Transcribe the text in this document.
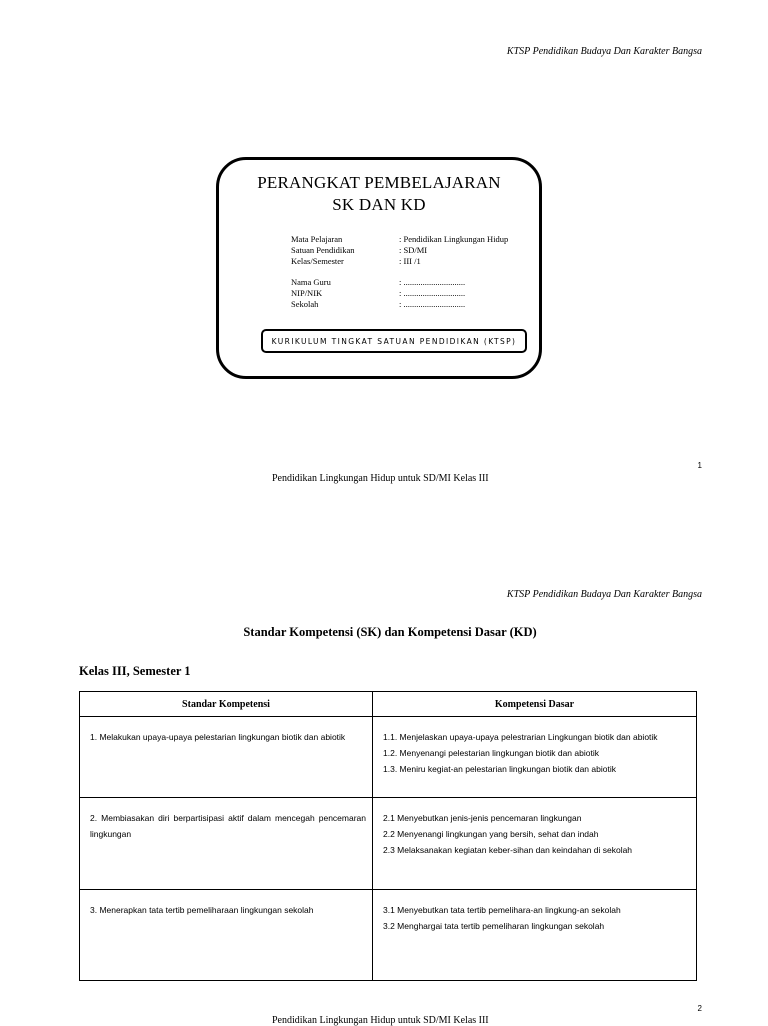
KTSP Pendidikan Budaya Dan Karakter Bangsa
PERANGKAT PEMBELAJARAN
SK DAN KD
Mata Pelajaran	: Pendidikan Lingkungan Hidup
Satuan Pendidikan	: SD/MI
Kelas/Semester	: III /1
Nama Guru	: .............................
NIP/NIK	: .............................
Sekolah	: .............................
KURIKULUM TINGKAT SATUAN PENDIDIKAN (KTSP)
1
Pendidikan Lingkungan Hidup untuk SD/MI Kelas III
KTSP Pendidikan Budaya Dan Karakter Bangsa
Standar Kompetensi (SK) dan Kompetensi Dasar (KD)
Kelas III, Semester 1
Standar Kompetensi	Kompetensi Dasar

1. Melakukan upaya-upaya pelestarian lingkungan biotik dan abiotik	1.1. Menjelaskan upaya-upaya pelestrarian Lingkungan biotik dan abiotik
1.2. Menyenangi pelestarian lingkungan biotik dan abiotik
1.3. Meniru kegiat-an pelestarian lingkungan biotik dan abiotik

2. Membiasakan diri berpartisipasi aktif dalam mencegah pencemaran lingkungan	2.1 Menyebutkan jenis-jenis pencemaran lingkungan
2.2 Menyenangi lingkungan yang bersih, sehat dan indah
2.3 Melaksanakan kegiatan keber-sihan dan keindahan di sekolah

3. Menerapkan tata tertib pemeliharaan lingkungan sekolah	3.1 Menyebutkan tata tertib pemelihara-an lingkung-an sekolah
3.2 Menghargai tata tertib pemeliharan lingkungan sekolah
2
Pendidikan Lingkungan Hidup untuk SD/MI Kelas III
